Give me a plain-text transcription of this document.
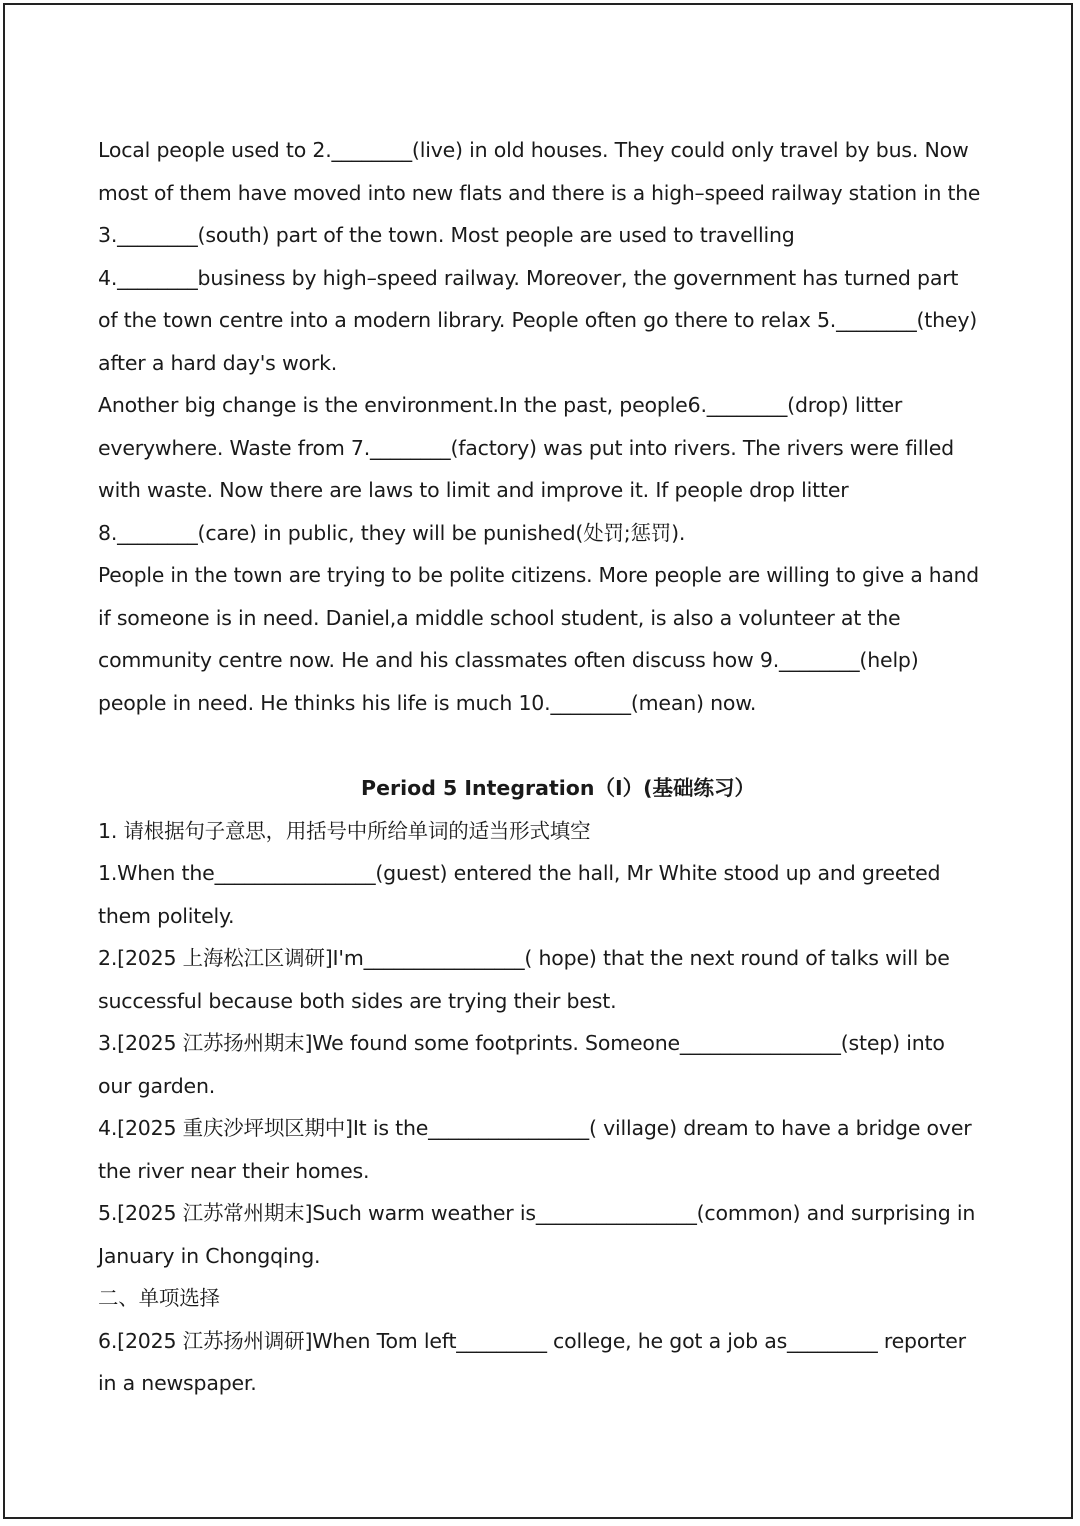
Local people used to 2.________(live) in old houses. They could only travel by bus. Now
most of them have moved into new flats and there is a high–speed railway station in the
3.________(south) part of the town. Most people are used to travelling
4.________business by high–speed railway. Moreover, the government has turned part
of the town centre into a modern library. People often go there to relax 5.________(they)
after a hard day's work.
Another big change is the environment.In the past, people6.________(drop) litter
everywhere. Waste from 7.________(factory) was put into rivers. The rivers were filled
with waste. Now there are laws to limit and improve it. If people drop litter
8.________(care) in public, they will be punished(处罚;惩罚).
People in the town are trying to be polite citizens. More people are willing to give a hand
if someone is in need. Daniel,a middle school student, is also a volunteer at the
community centre now. He and his classmates often discuss how 9.________(help)
people in need. He thinks his life is much 10.________(mean) now.
Period 5 Integration（I）(基础练习）
1. 请根据句子意思，用括号中所给单词的适当形式填空
1.When the________________(guest) entered the hall, Mr White stood up and greeted
them politely.
2.[2025 上海松江区调研]I'm________________( hope) that the next round of talks will be
successful because both sides are trying their best.
3.[2025 江苏扬州期末]We found some footprints. Someone________________(step) into
our garden.
4.[2025 重庆沙坪坝区期中]It is the________________( village) dream to have a bridge over
the river near their homes.
5.[2025 江苏常州期末]Such warm weather is________________(common) and surprising in
January in Chongqing.
二、单项选择
6.[2025 江苏扬州调研]When Tom left_________ college, he got a job as_________ reporter
in a newspaper.
